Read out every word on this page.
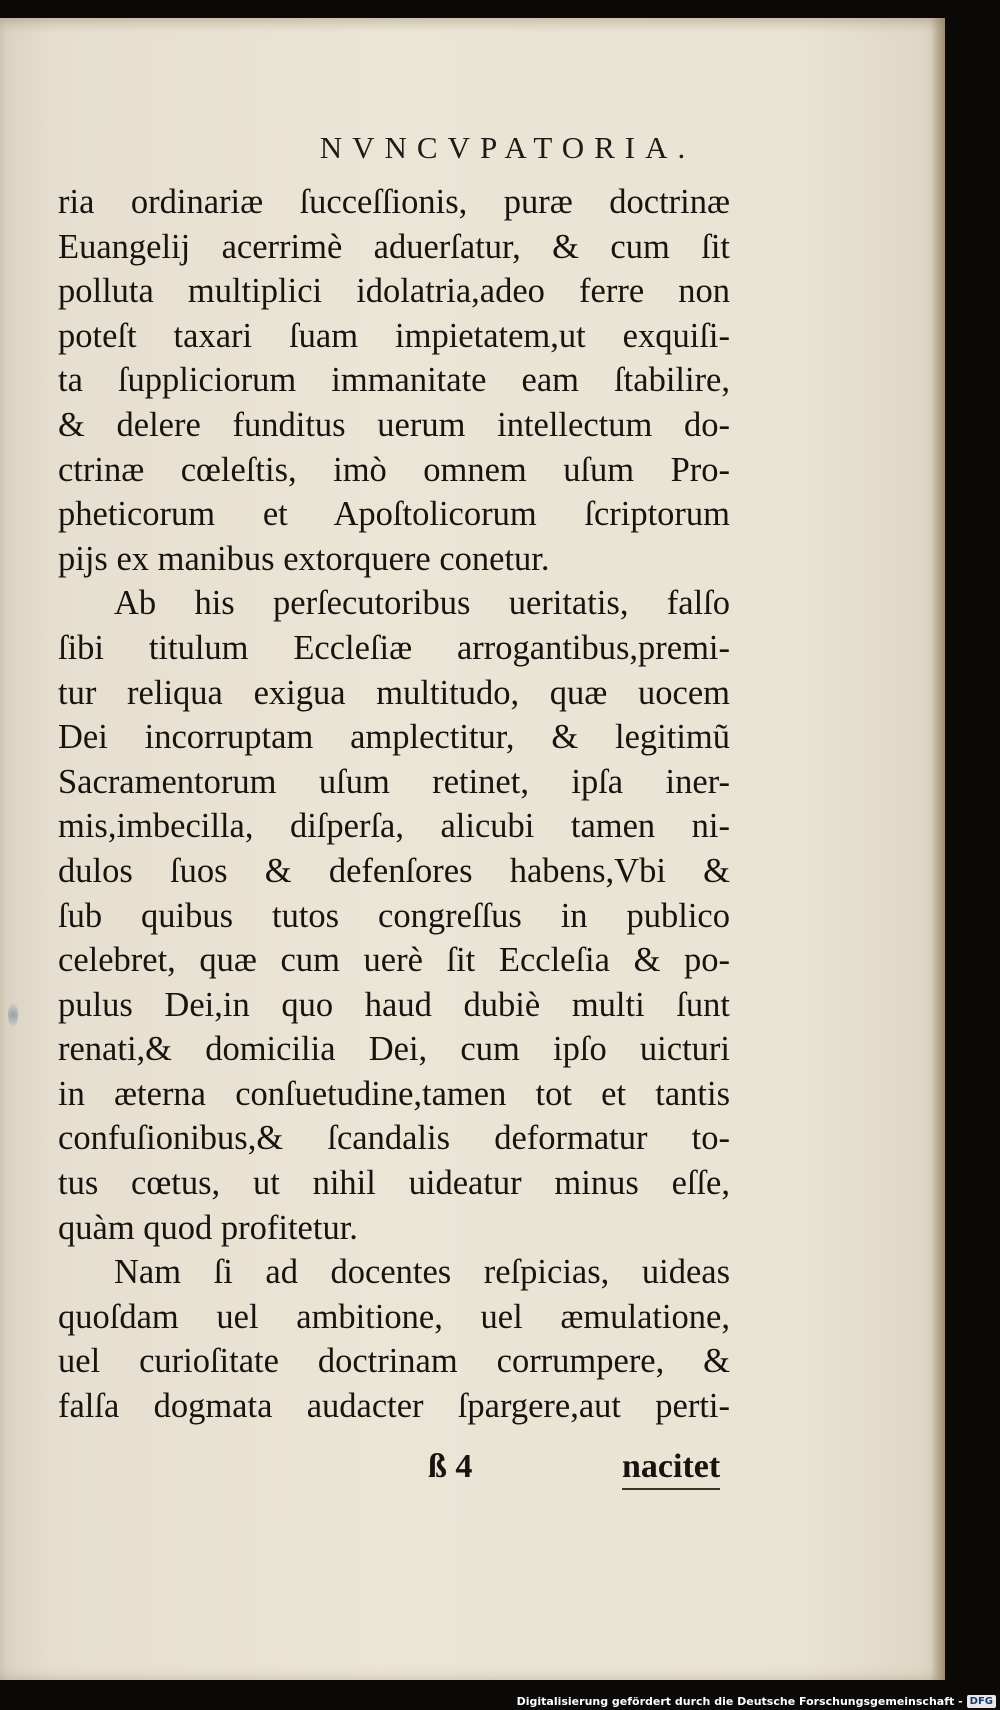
NVNCVPATORIA.
ria ordinariæ ſucceſſionis, puræ doctrinæ
Euangelij acerrimè aduerſatur, & cum ſit
polluta multiplici idolatria,adeo ferre non
poteſt taxari ſuam impietatem,ut exquiſi-
ta ſuppliciorum immanitate eam ſtabilire,
& delere funditus uerum intellectum do-
ctrinæ cœleſtis, imò omnem uſum Pro-
pheticorum et Apoſtolicorum ſcriptorum
pijs ex manibus extorquere conetur.
Ab his perſecutoribus ueritatis, falſo
ſibi titulum Eccleſiæ arrogantibus,premi-
tur reliqua exigua multitudo, quæ uocem
Dei incorruptam amplectitur, & legitimũ
Sacramentorum uſum retinet, ipſa iner-
mis,imbecilla, diſperſa, alicubi tamen ni-
dulos ſuos & defenſores habens,Vbi &
ſub quibus tutos congreſſus in publico
celebret, quæ cum uerè ſit Eccleſia & po-
pulus Dei,in quo haud dubiè multi ſunt
renati,& domicilia Dei, cum ipſo uicturi
in æterna conſuetudine,tamen tot et tantis
confuſionibus,& ſcandalis deformatur to-
tus cœtus, ut nihil uideatur minus eſſe,
quàm quod profitetur.
Nam ſi ad docentes reſpicias, uideas
quoſdam uel ambitione, uel æmulatione,
uel curioſitate doctrinam corrumpere, &
falſa dogmata audacter ſpargere,aut perti-
ß 4	nacitet
Digitalisierung gefördert durch die Deutsche Forschungsgemeinschaft - DFG
